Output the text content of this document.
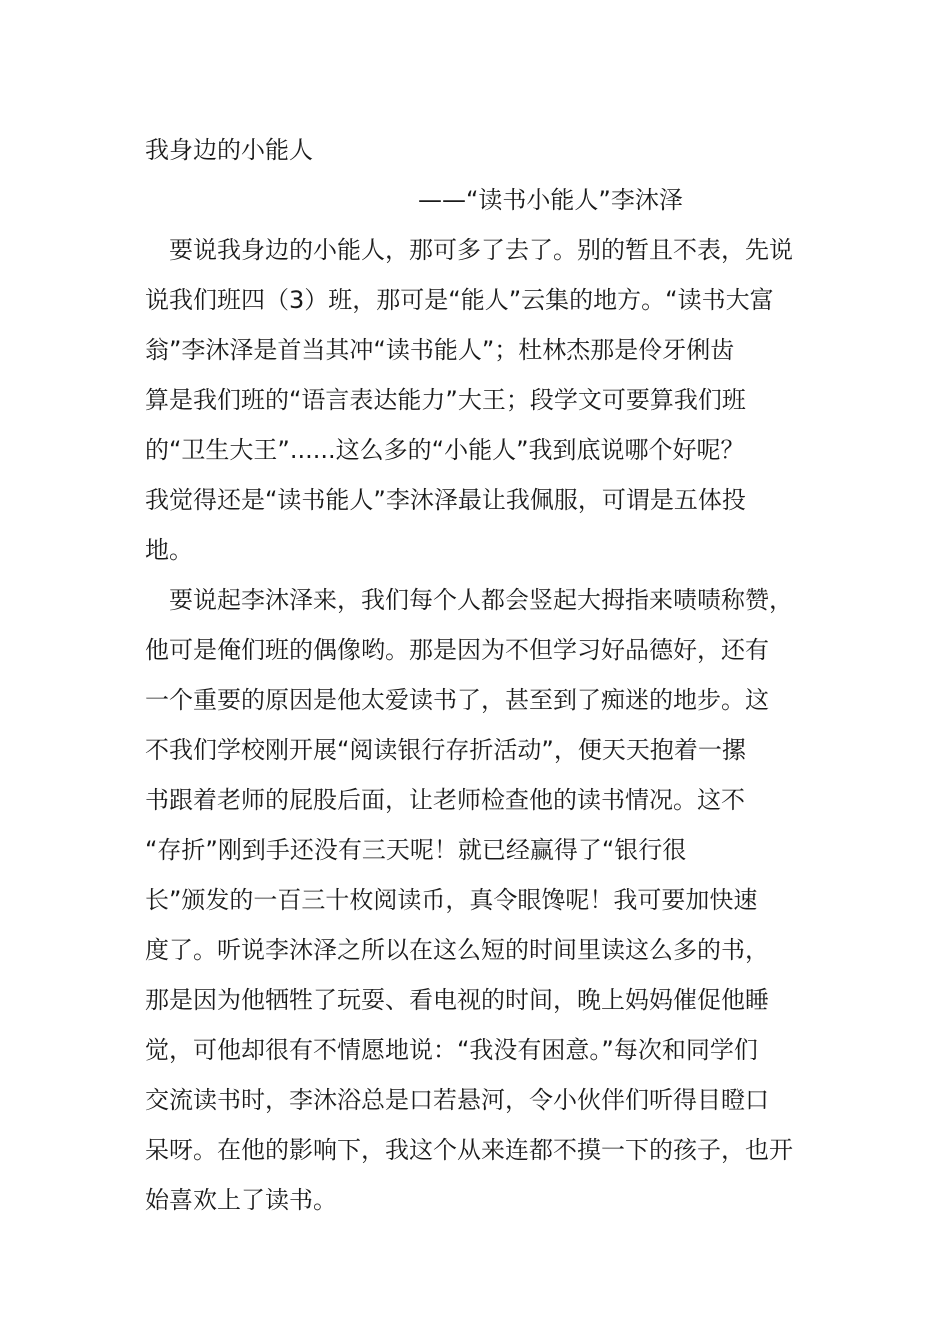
我身边的小能人
——“读书小能人”李沐泽
　要说我身边的小能人，那可多了去了。别的暂且不表，先说
说我们班四（3）班，那可是“能人”云集的地方。“读书大富
翁”李沐泽是首当其冲“读书能人”；杜林杰那是伶牙俐齿
算是我们班的“语言表达能力”大王；段学文可要算我们班
的“卫生大王”......这么多的“小能人”我到底说哪个好呢？
我觉得还是“读书能人”李沐泽最让我佩服，可谓是五体投
地。
　要说起李沐泽来，我们每个人都会竖起大拇指来啧啧称赞，
他可是俺们班的偶像哟。那是因为不但学习好品德好，还有
一个重要的原因是他太爱读书了，甚至到了痴迷的地步。这
不我们学校刚开展“阅读银行存折活动”，便天天抱着一摞
书跟着老师的屁股后面，让老师检查他的读书情况。这不
“存折”刚到手还没有三天呢！就已经赢得了“银行很
长”颁发的一百三十枚阅读币，真令眼馋呢！我可要加快速
度了。听说李沐泽之所以在这么短的时间里读这么多的书，
那是因为他牺牲了玩耍、看电视的时间，晚上妈妈催促他睡
觉，可他却很有不情愿地说：“我没有困意。”每次和同学们
交流读书时，李沐浴总是口若悬河，令小伙伴们听得目瞪口
呆呀。在他的影响下，我这个从来连都不摸一下的孩子，也开
始喜欢上了读书。
